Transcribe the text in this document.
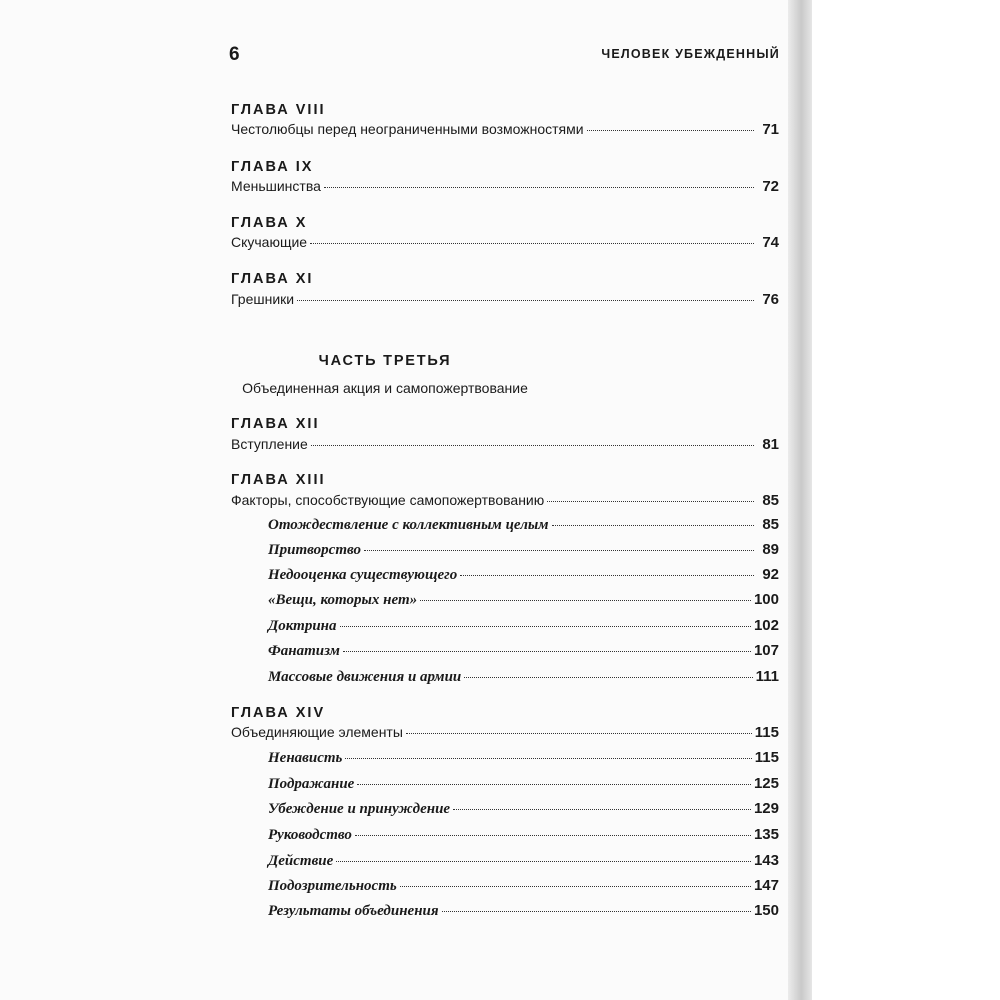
6	ЧЕЛОВЕК УБЕЖДЕННЫЙ
ГЛАВА VIII
Честолюбцы перед неограниченными возможностями	71
ГЛАВА IX
Меньшинства	72
ГЛАВА X
Скучающие	74
ГЛАВА XI
Грешники	76
ЧАСТЬ ТРЕТЬЯ
Объединенная акция и самопожертвование
ГЛАВА XII
Вступление	81
ГЛАВА XIII
Факторы, способствующие самопожертвованию	85
Отождествление с коллективным целым	85
Притворство	89
Недооценка существующего	92
«Вещи, которых нет»	100
Доктрина	102
Фанатизм	107
Массовые движения и армии	111
ГЛАВА XIV
Объединяющие элементы	115
Ненависть	115
Подражание	125
Убеждение и принуждение	129
Руководство	135
Действие	143
Подозрительность	147
Результаты объединения	150
